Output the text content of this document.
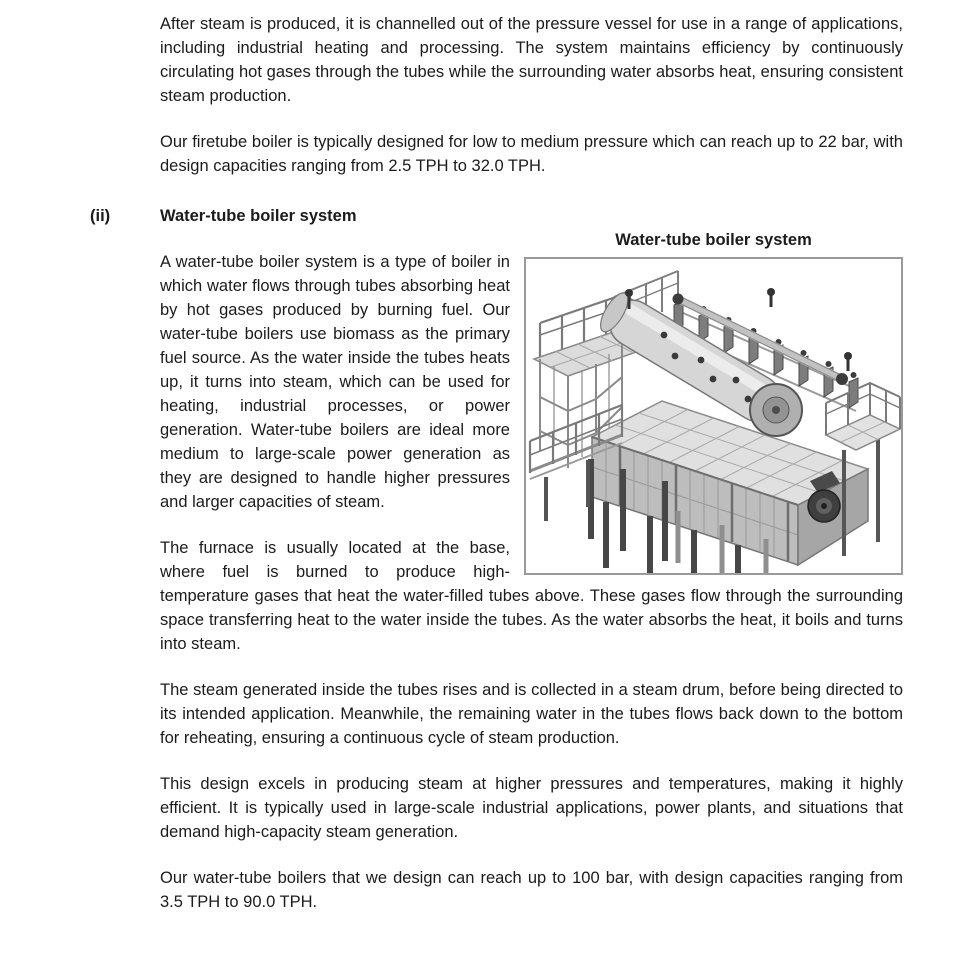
After steam is produced, it is channelled out of the pressure vessel for use in a range of applications, including industrial heating and processing. The system maintains efficiency by continuously circulating hot gases through the tubes while the surrounding water absorbs heat, ensuring consistent steam production.

Our firetube boiler is typically designed for low to medium pressure which can reach up to 22 bar, with design capacities ranging from 2.5 TPH to 32.0 TPH.

(ii)	Water-tube boiler system
Water-tube boiler system

A water-tube boiler system is a type of boiler in which water flows through tubes absorbing heat by hot gases produced by burning fuel. Our water-tube boilers use biomass as the primary fuel source. As the water inside the tubes heats up, it turns into steam, which can be used for heating, industrial processes, or power generation. Water-tube boilers are ideal more medium to large-scale power generation as they are designed to handle higher pressures and larger capacities of steam.

The furnace is usually located at the base, where fuel is burned to produce high-temperature gases that heat the water-filled tubes above. These gases flow through the surrounding space transferring heat to the water inside the tubes. As the water absorbs the heat, it boils and turns into steam.

The steam generated inside the tubes rises and is collected in a steam drum, before being directed to its intended application. Meanwhile, the remaining water in the tubes flows back down to the bottom for reheating, ensuring a continuous cycle of steam production.

This design excels in producing steam at higher pressures and temperatures, making it highly efficient. It is typically used in large-scale industrial applications, power plants, and situations that demand high-capacity steam generation.

Our water-tube boilers that we design can reach up to 100 bar, with design capacities ranging from 3.5 TPH to 90.0 TPH.
